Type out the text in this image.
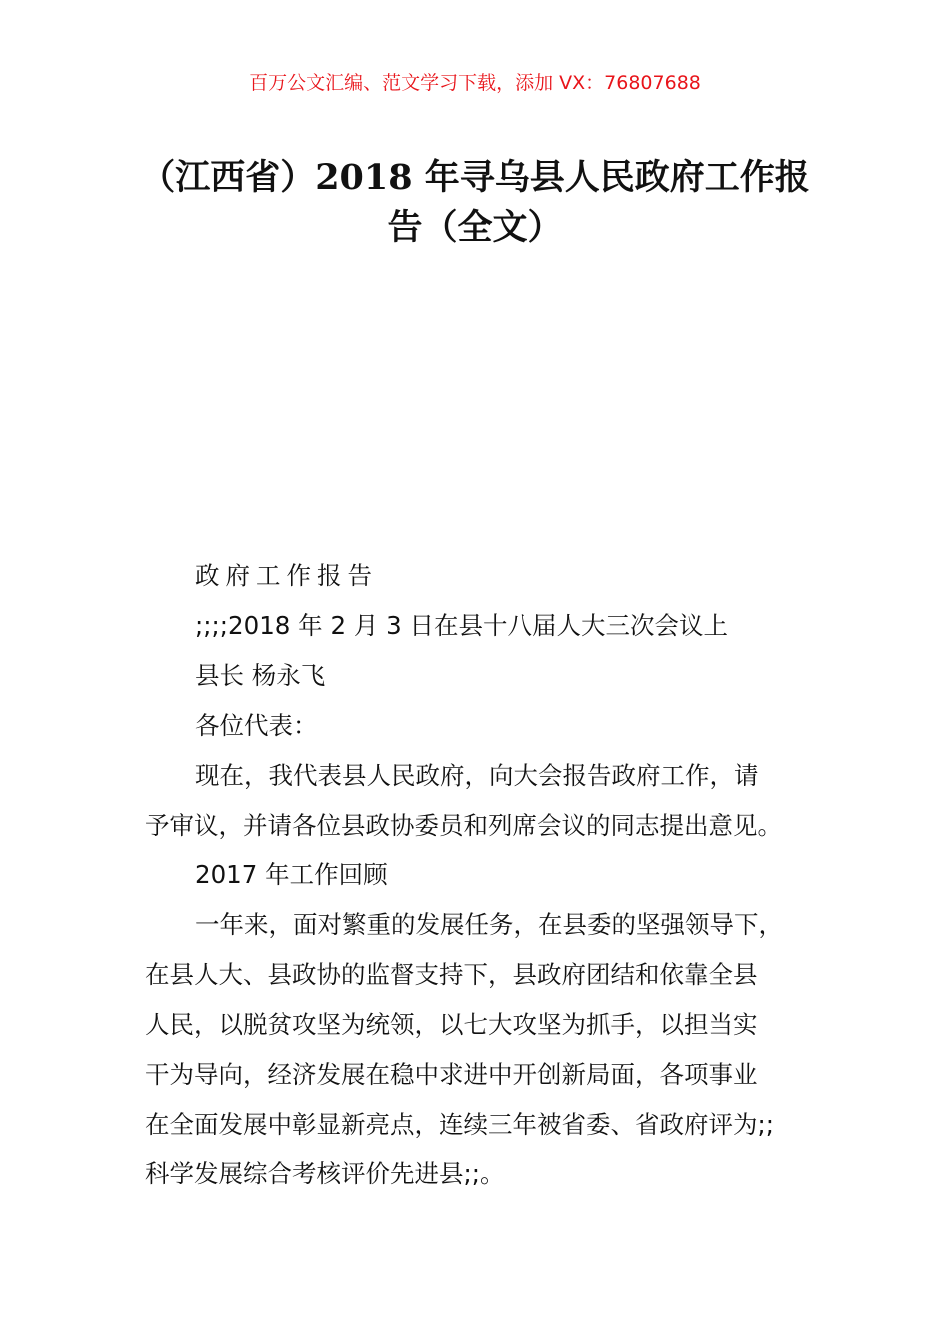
百万公文汇编、范文学习下载，添加 VX：76807688
（江西省）2018 年寻乌县人民政府工作报
告（全文）
政府工作报告
;;;;2018 年 2 月 3 日在县十八届人大三次会议上
县长 杨永飞
各位代表：
现在，我代表县人民政府，向大会报告政府工作，请
予审议，并请各位县政协委员和列席会议的同志提出意见。
2017 年工作回顾
一年来，面对繁重的发展任务，在县委的坚强领导下，
在县人大、县政协的监督支持下，县政府团结和依靠全县
人民，以脱贫攻坚为统领，以七大攻坚为抓手，以担当实
干为导向，经济发展在稳中求进中开创新局面，各项事业
在全面发展中彰显新亮点，连续三年被省委、省政府评为;;
科学发展综合考核评价先进县;;。
